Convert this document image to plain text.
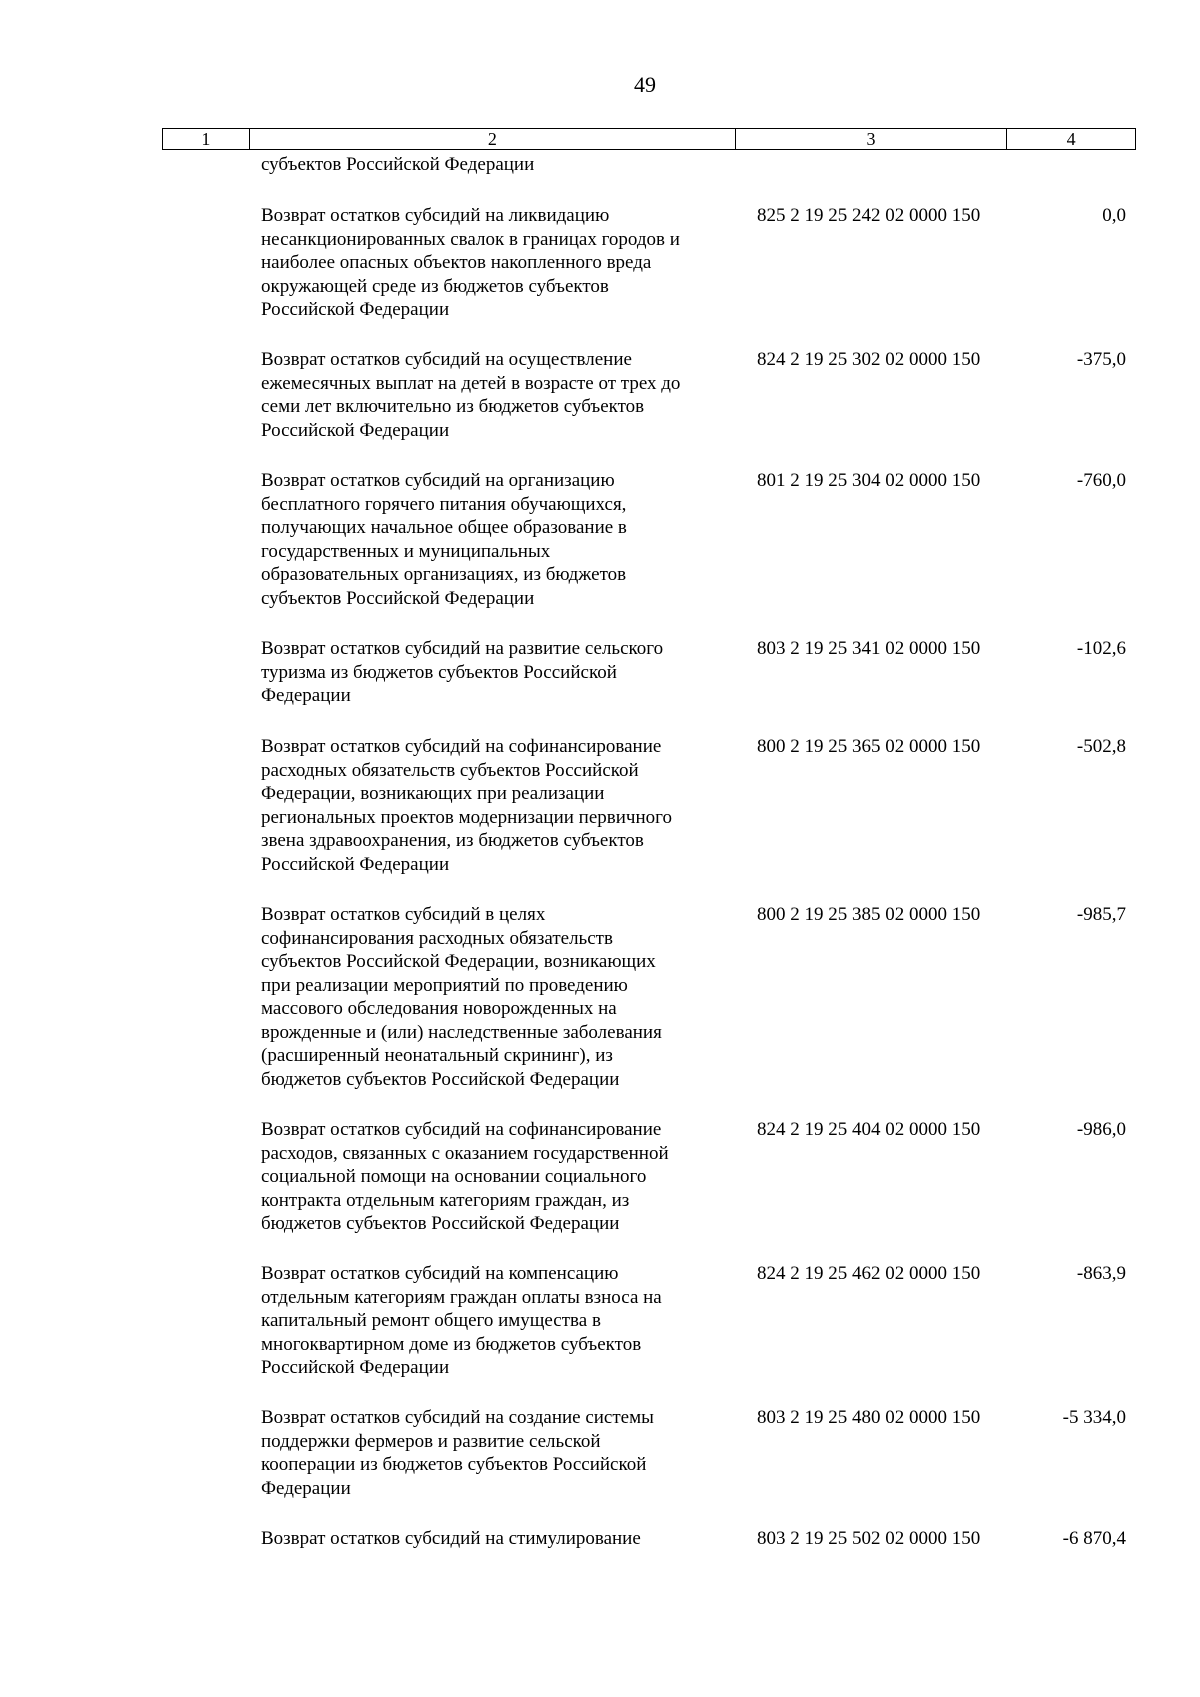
49
1	2	3	4
субъектов Российской Федерации
Возврат остатков субсидий на ликвидацию
несанкционированных свалок в границах городов и
наиболее опасных объектов накопленного вреда
окружающей среде из бюджетов субъектов
Российской Федерации
825 2 19 25 242 02 0000 150	0,0
Возврат остатков субсидий на осуществление
ежемесячных выплат на детей в возрасте от трех до
семи лет включительно из бюджетов субъектов
Российской Федерации
824 2 19 25 302 02 0000 150	-375,0
Возврат остатков субсидий на организацию
бесплатного горячего питания обучающихся,
получающих начальное общее образование в
государственных и муниципальных
образовательных организациях, из бюджетов
субъектов Российской Федерации
801 2 19 25 304 02 0000 150	-760,0
Возврат остатков субсидий на развитие сельского
туризма из бюджетов субъектов Российской
Федерации
803 2 19 25 341 02 0000 150	-102,6
Возврат остатков субсидий на софинансирование
расходных обязательств субъектов Российской
Федерации, возникающих при реализации
региональных проектов модернизации первичного
звена здравоохранения, из бюджетов субъектов
Российской Федерации
800 2 19 25 365 02 0000 150	-502,8
Возврат остатков субсидий в целях
софинансирования расходных обязательств
субъектов Российской Федерации, возникающих
при реализации мероприятий по проведению
массового обследования новорожденных на
врожденные и (или) наследственные заболевания
(расширенный неонатальный скрининг), из
бюджетов субъектов Российской Федерации
800 2 19 25 385 02 0000 150	-985,7
Возврат остатков субсидий на софинансирование
расходов, связанных с оказанием государственной
социальной помощи на основании социального
контракта отдельным категориям граждан, из
бюджетов субъектов Российской Федерации
824 2 19 25 404 02 0000 150	-986,0
Возврат остатков субсидий на компенсацию
отдельным категориям граждан оплаты взноса на
капитальный ремонт общего имущества в
многоквартирном доме из бюджетов субъектов
Российской Федерации
824 2 19 25 462 02 0000 150	-863,9
Возврат остатков субсидий на создание системы
поддержки фермеров и развитие сельской
кооперации из бюджетов субъектов Российской
Федерации
803 2 19 25 480 02 0000 150	-5 334,0
Возврат остатков субсидий на стимулирование	803 2 19 25 502 02 0000 150	-6 870,4
